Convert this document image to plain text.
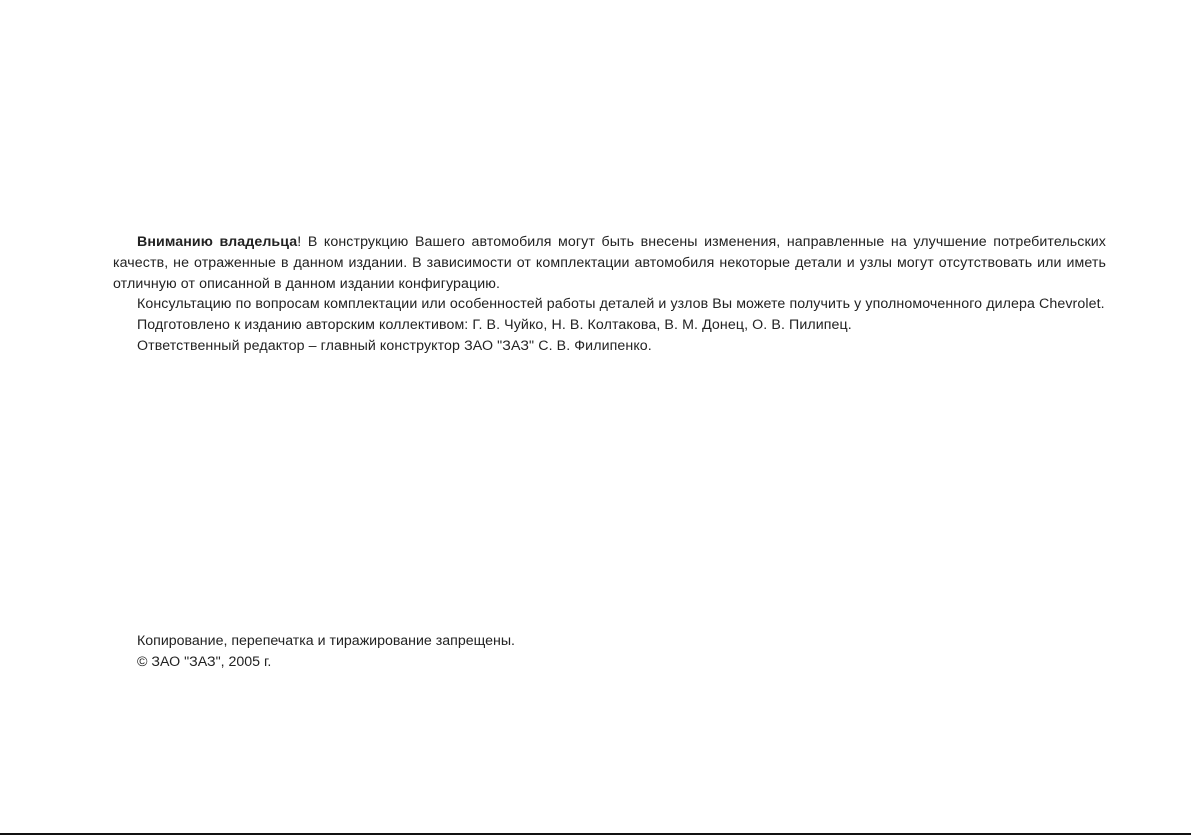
Вниманию владельца! В конструкцию Вашего автомобиля могут быть внесены изменения, направленные на улучшение потребительских качеств, не отраженные в данном издании. В зависимости от комплектации автомобиля некоторые детали и узлы могут отсутствовать или иметь отличную от описанной в данном издании конфигурацию.

Консультацию по вопросам комплектации или особенностей работы деталей и узлов Вы можете получить у уполномоченного дилера Chevrolet.

Подготовлено к изданию авторским коллективом: Г. В. Чуйко, Н. В. Колтакова, В. М. Донец, О. В. Пилипец.

Ответственный редактор – главный конструктор ЗАО "ЗАЗ" С. В. Филипенко.

Копирование, перепечатка и тиражирование запрещены.

© ЗАО "ЗАЗ", 2005 г.
